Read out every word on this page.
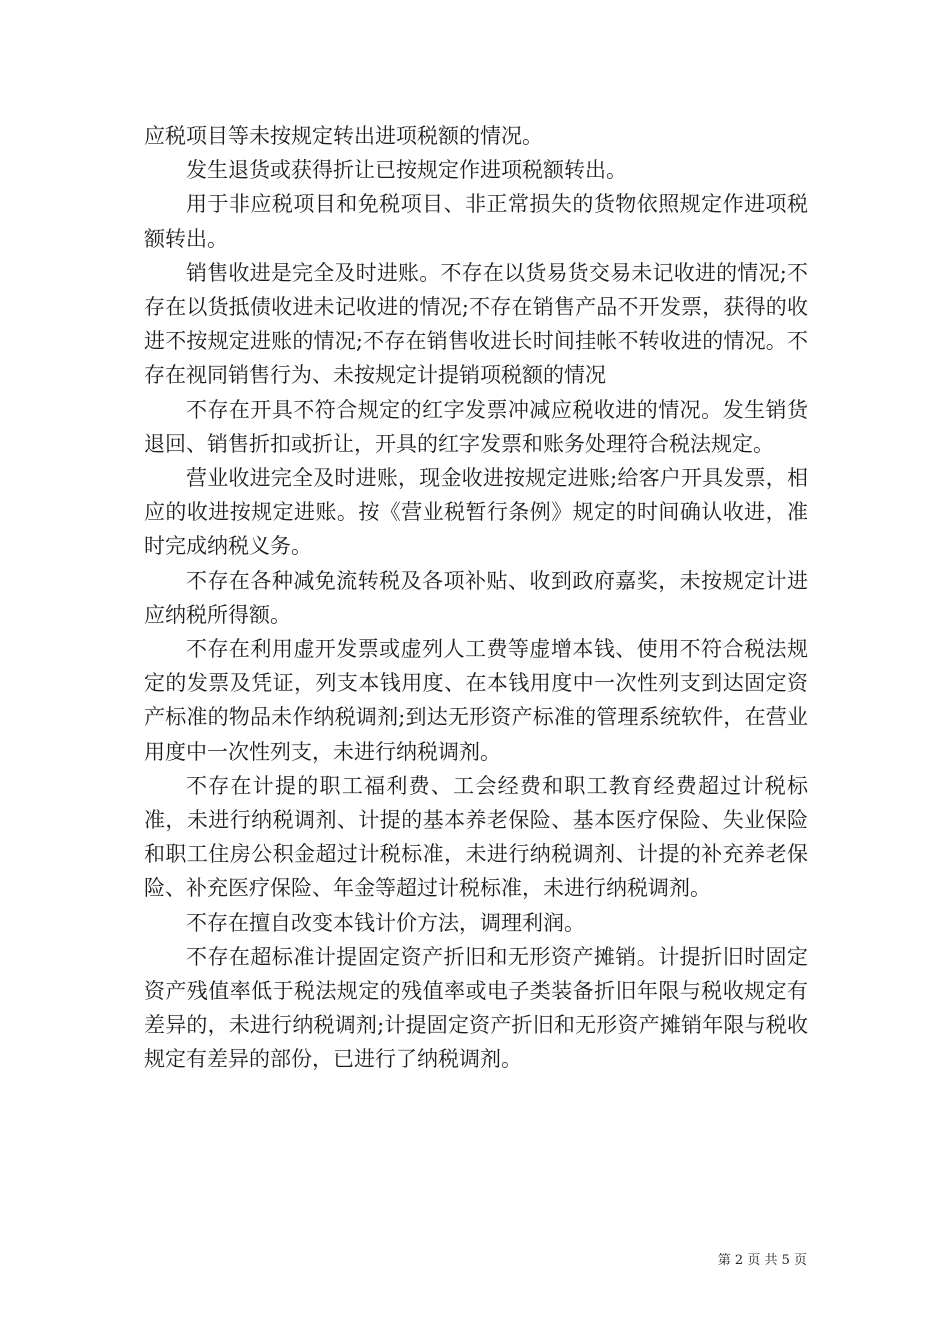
应税项目等未按规定转出进项税额的情况。

发生退货或获得折让已按规定作进项税额转出。

用于非应税项目和免税项目、非正常损失的货物依照规定作进项税额转出。

销售收进是完全及时进账。不存在以货易货交易未记收进的情况;不存在以货抵债收进未记收进的情况;不存在销售产品不开发票，获得的收进不按规定进账的情况;不存在销售收进长时间挂帐不转收进的情况。不存在视同销售行为、未按规定计提销项税额的情况

不存在开具不符合规定的红字发票冲减应税收进的情况。发生销货退回、销售折扣或折让，开具的红字发票和账务处理符合税法规定。

营业收进完全及时进账，现金收进按规定进账;给客户开具发票，相应的收进按规定进账。按《营业税暂行条例》规定的时间确认收进，准时完成纳税义务。

不存在各种减免流转税及各项补贴、收到政府嘉奖，未按规定计进应纳税所得额。

不存在利用虚开发票或虚列人工费等虚增本钱、使用不符合税法规定的发票及凭证，列支本钱用度、在本钱用度中一次性列支到达固定资产标准的物品未作纳税调剂;到达无形资产标准的管理系统软件，在营业用度中一次性列支，未进行纳税调剂。

不存在计提的职工福利费、工会经费和职工教育经费超过计税标准，未进行纳税调剂、计提的基本养老保险、基本医疗保险、失业保险和职工住房公积金超过计税标准，未进行纳税调剂、计提的补充养老保险、补充医疗保险、年金等超过计税标准，未进行纳税调剂。

不存在擅自改变本钱计价方法，调理利润。

不存在超标准计提固定资产折旧和无形资产摊销。计提折旧时固定资产残值率低于税法规定的残值率或电子类装备折旧年限与税收规定有差异的，未进行纳税调剂;计提固定资产折旧和无形资产摊销年限与税收规定有差异的部份，已进行了纳税调剂。

第 2 页 共 5 页
